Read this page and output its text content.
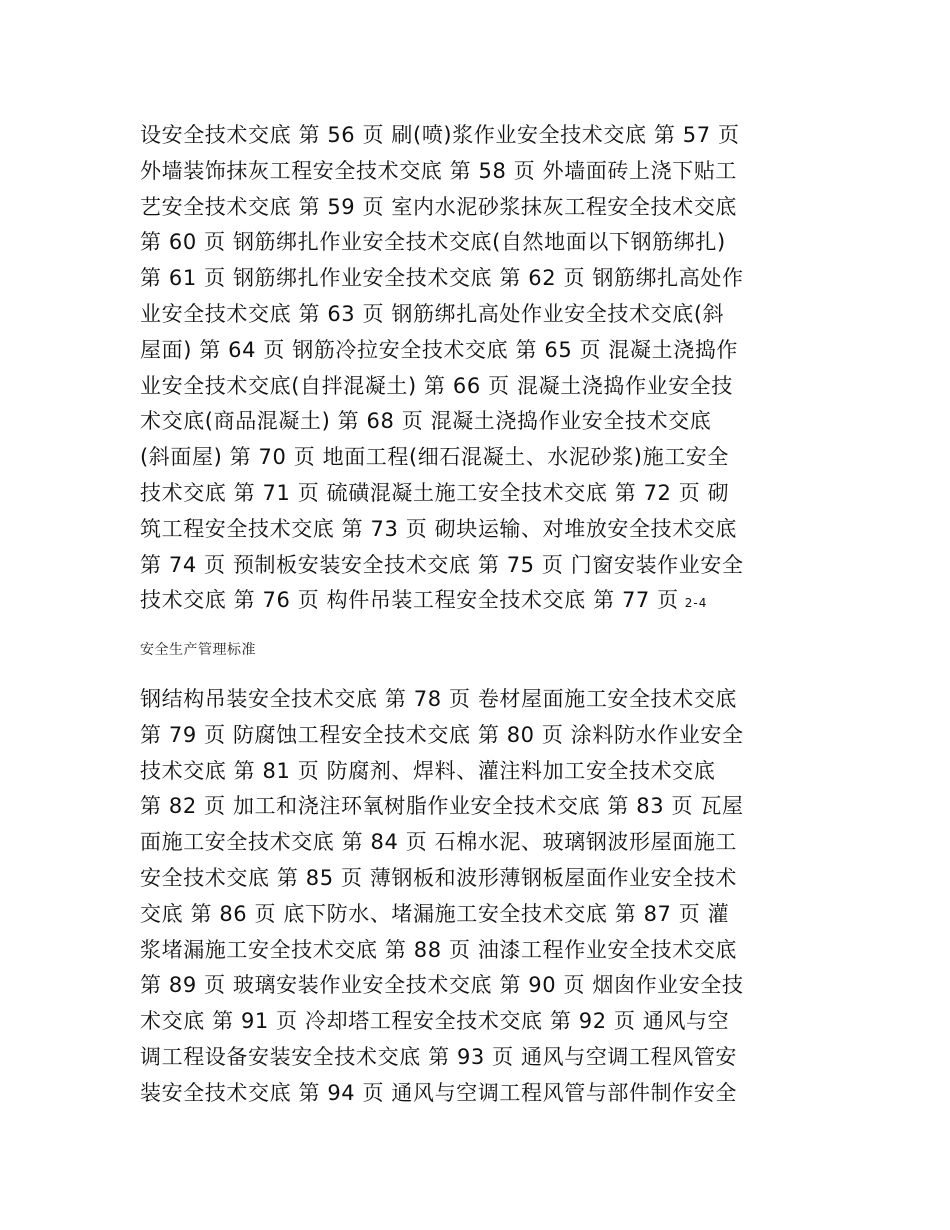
设安全技术交底 第 56 页 刷(喷)浆作业安全技术交底 第 57 页
外墙装饰抹灰工程安全技术交底 第 58 页 外墙面砖上浇下贴工
艺安全技术交底 第 59 页 室内水泥砂浆抹灰工程安全技术交底
第 60 页 钢筋绑扎作业安全技术交底(自然地面以下钢筋绑扎)
第 61 页 钢筋绑扎作业安全技术交底 第 62 页 钢筋绑扎高处作
业安全技术交底 第 63 页 钢筋绑扎高处作业安全技术交底(斜
屋面) 第 64 页 钢筋冷拉安全技术交底 第 65 页 混凝土浇捣作
业安全技术交底(自拌混凝土) 第 66 页 混凝土浇捣作业安全技
术交底(商品混凝土) 第 68 页 混凝土浇捣作业安全技术交底
(斜面屋) 第 70 页 地面工程(细石混凝土、水泥砂浆)施工安全
技术交底 第 71 页 硫磺混凝土施工安全技术交底 第 72 页 砌
筑工程安全技术交底 第 73 页 砌块运输、对堆放安全技术交底
第 74 页 预制板安装安全技术交底 第 75 页 门窗安装作业安全
技术交底 第 76 页 构件吊装工程安全技术交底 第 77 页 2-4
安全生产管理标准
钢结构吊装安全技术交底 第 78 页 卷材屋面施工安全技术交底
第 79 页 防腐蚀工程安全技术交底 第 80 页 涂料防水作业安全
技术交底 第 81 页 防腐剂、焊料、灌注料加工安全技术交底
第 82 页 加工和浇注环氧树脂作业安全技术交底 第 83 页 瓦屋
面施工安全技术交底 第 84 页 石棉水泥、玻璃钢波形屋面施工
安全技术交底 第 85 页 薄钢板和波形薄钢板屋面作业安全技术
交底 第 86 页 底下防水、堵漏施工安全技术交底 第 87 页 灌
浆堵漏施工安全技术交底 第 88 页 油漆工程作业安全技术交底
第 89 页 玻璃安装作业安全技术交底 第 90 页 烟囱作业安全技
术交底 第 91 页 冷却塔工程安全技术交底 第 92 页 通风与空
调工程设备安装安全技术交底 第 93 页 通风与空调工程风管安
装安全技术交底 第 94 页 通风与空调工程风管与部件制作安全
